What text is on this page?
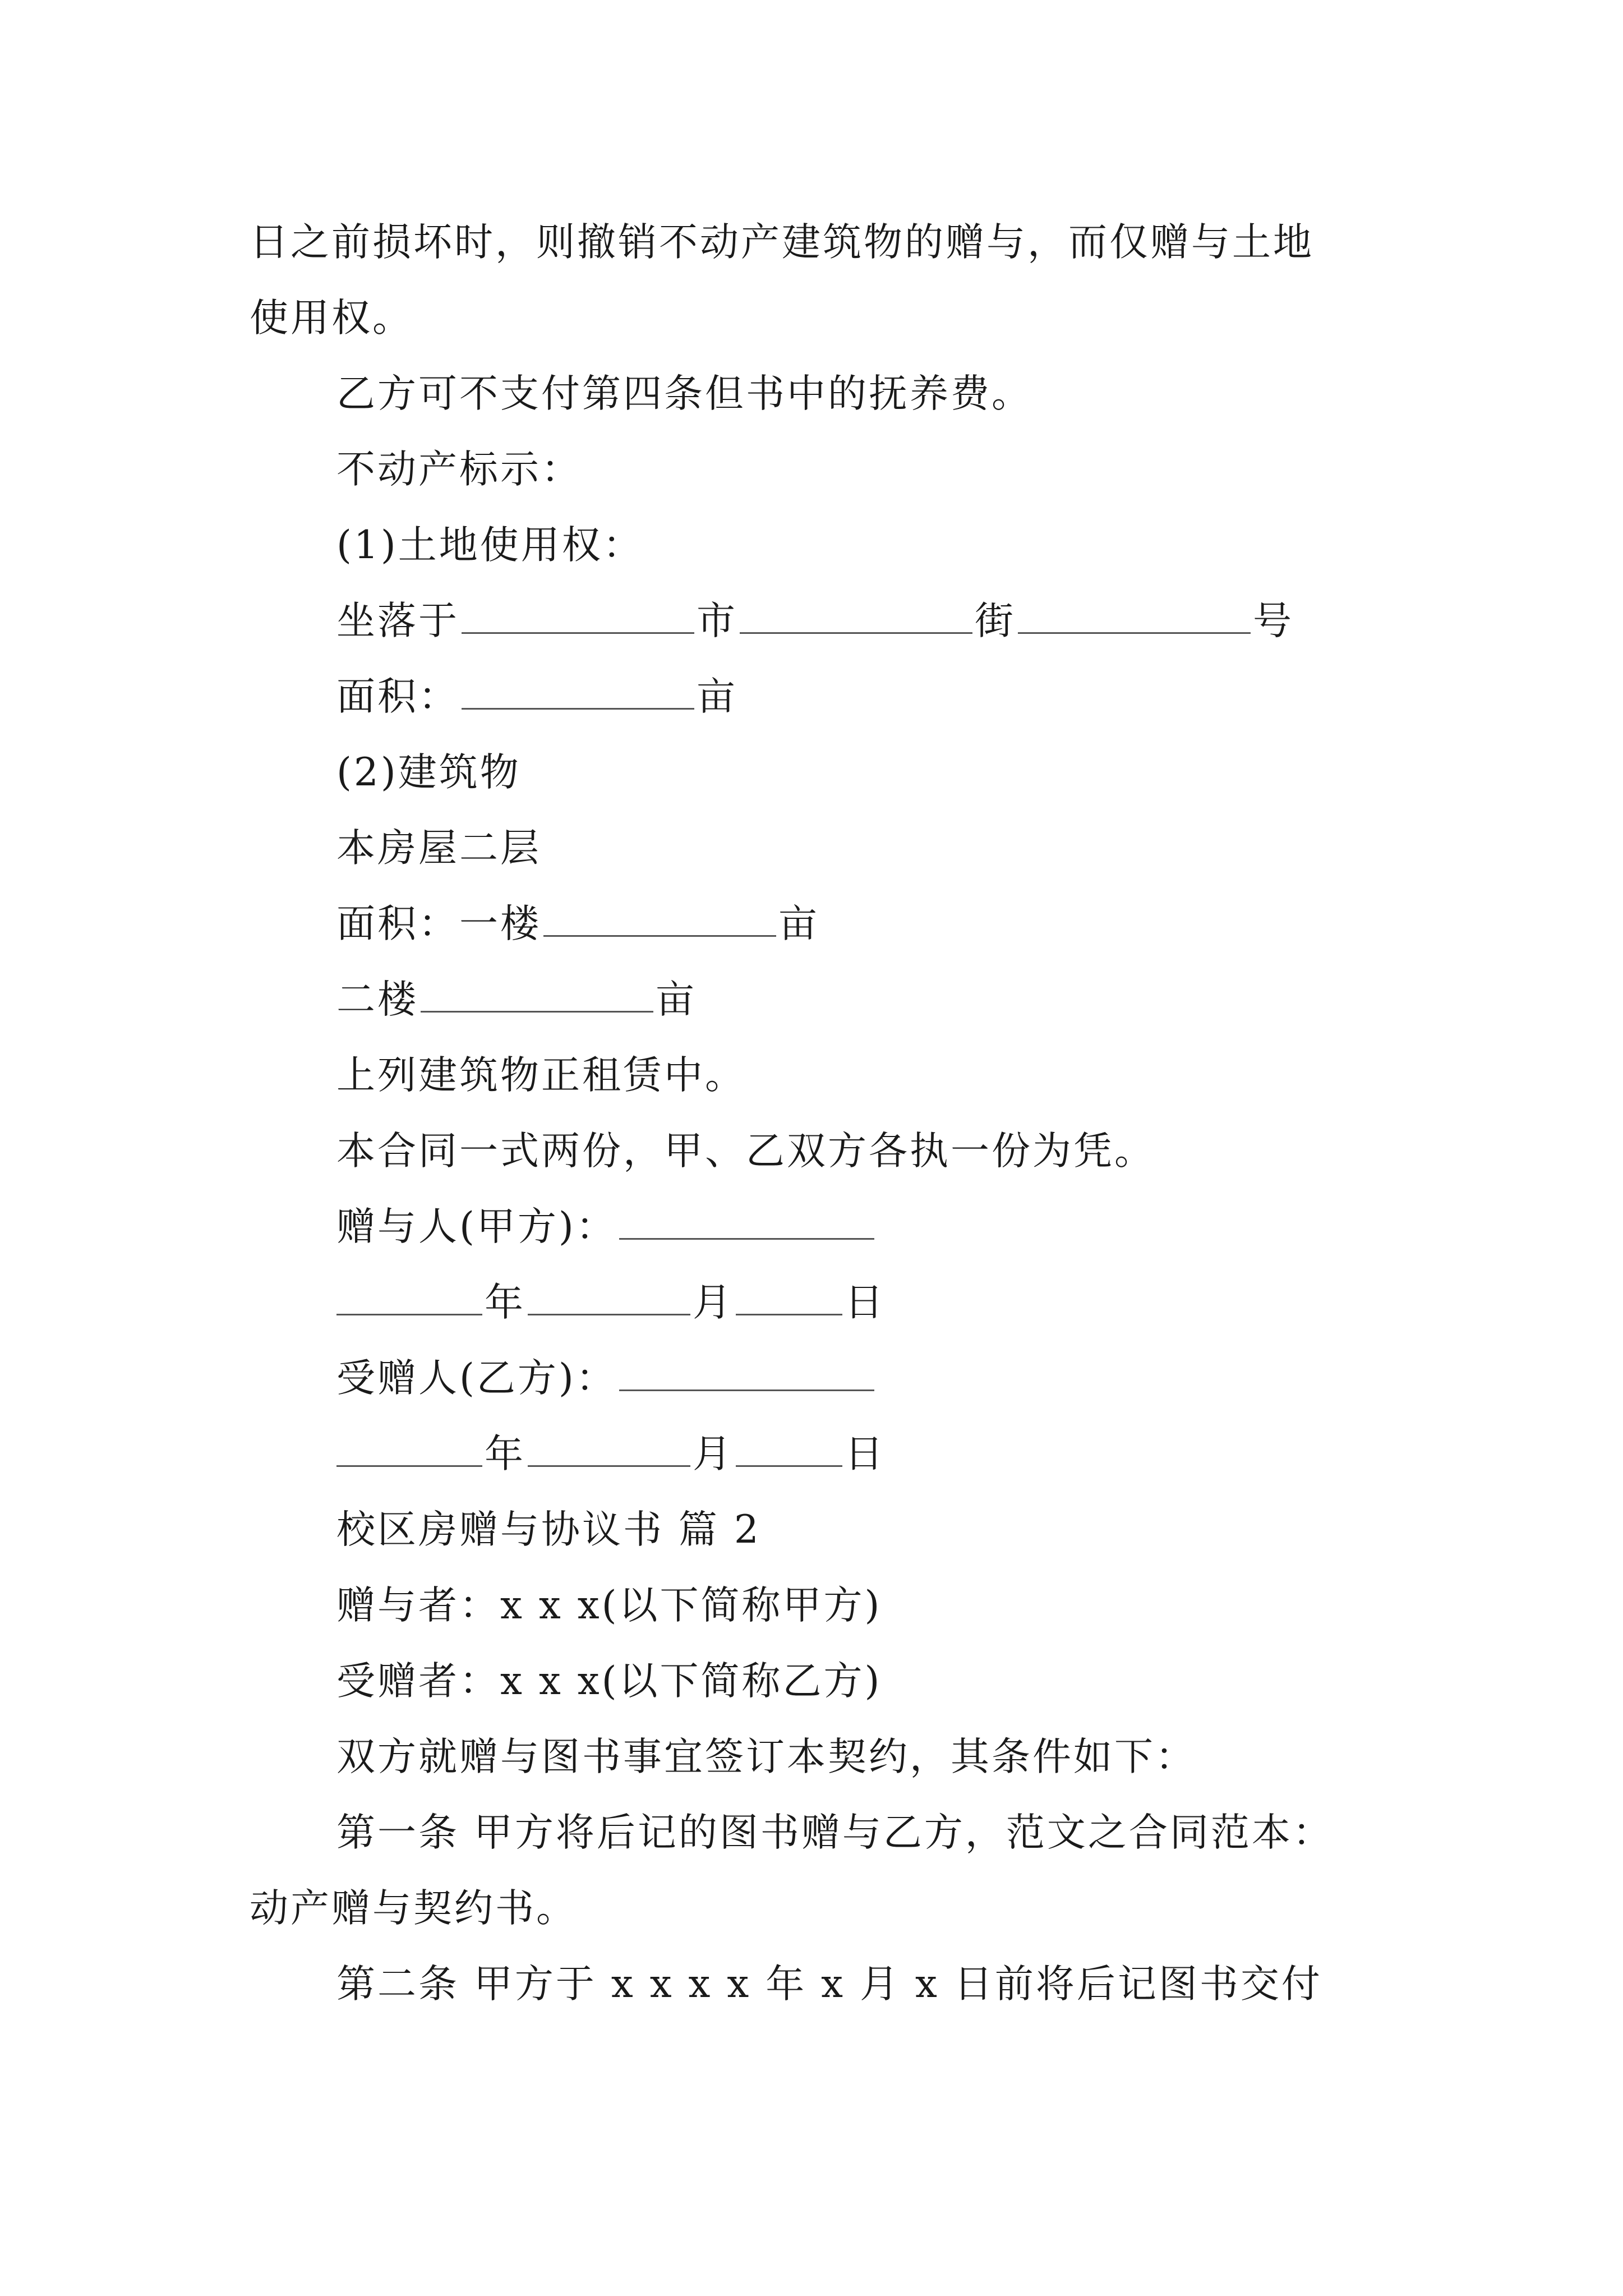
日之前损坏时，则撤销不动产建筑物的赠与，而仅赠与土地
使用权。
乙方可不支付第四条但书中的抚养费。
不动产标示：
(1)土地使用权：
坐落于	市	街	号
面积：	亩
(2)建筑物
本房屋二层
面积：一楼	亩
二楼	亩
上列建筑物正租赁中。
本合同一式两份，甲、乙双方各执一份为凭。
赠与人(甲方)：
年	月	日
受赠人(乙方)：
年	月	日
校区房赠与协议书 篇 2
赠与者：x x x(以下简称甲方)
受赠者：x x x(以下简称乙方)
双方就赠与图书事宜签订本契约，其条件如下：
第一条 甲方将后记的图书赠与乙方，范文之合同范本：
动产赠与契约书。
第二条 甲方于 x x x x 年 x 月 x 日前将后记图书交付
